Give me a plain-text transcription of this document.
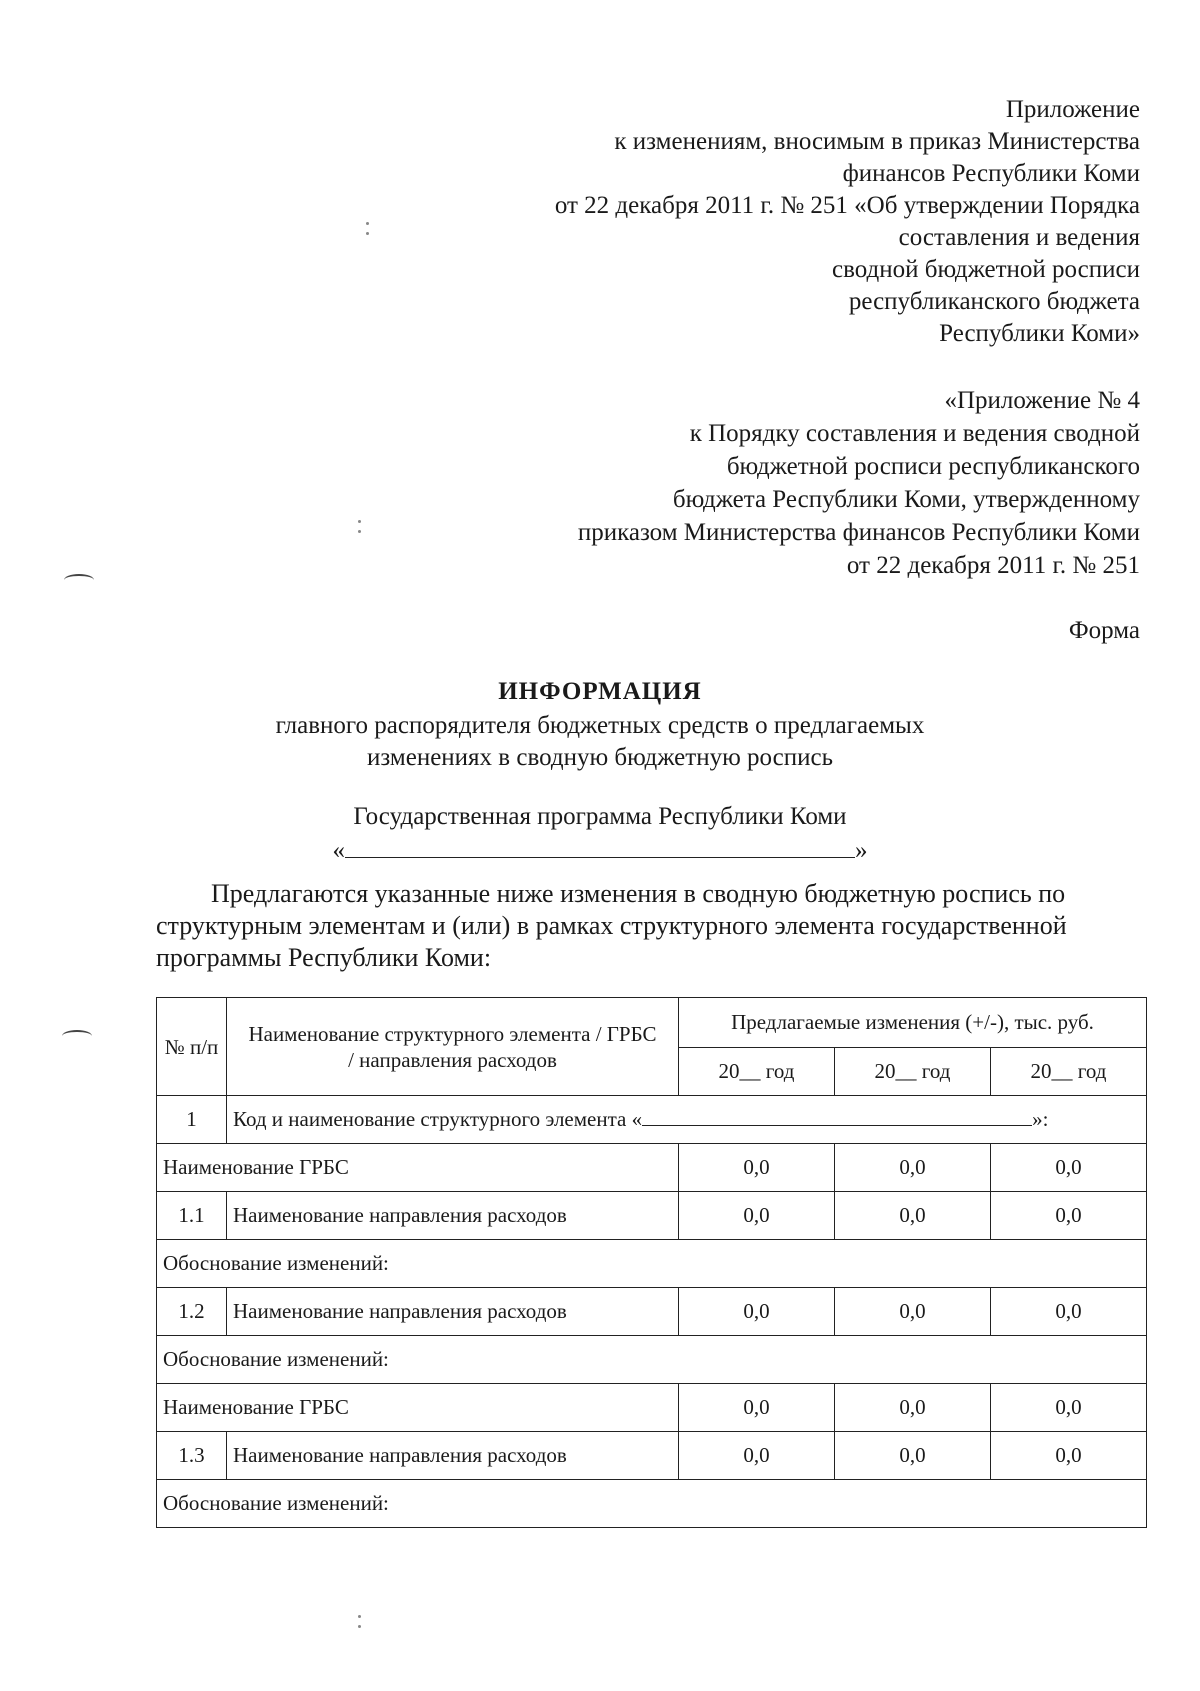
Приложение
к изменениям, вносимым в приказ Министерства
финансов Республики Коми
от 22 декабря 2011 г. № 251 «Об утверждении Порядка
составления и ведения
сводной бюджетной росписи
республиканского бюджета
Республики Коми»
«Приложение № 4
к Порядку составления и ведения сводной
бюджетной росписи республиканского
бюджета Республики Коми, утвержденному
приказом Министерства финансов Республики Коми
от 22 декабря 2011 г. № 251
Форма
ИНФОРМАЦИЯ
главного распорядителя бюджетных средств о предлагаемых
изменениях в сводную бюджетную роспись
Государственная программа Республики Коми
«	»
Предлагаются указанные ниже изменения в сводную бюджетную роспись по
структурным элементам и (или) в рамках структурного элемента государственной
программы Республики Коми:
№ п/п	Наименование структурного элемента / ГРБС / направления расходов	Предлагаемые изменения (+/-), тыс. руб.		
		20__ год	20__ год	20__ год
1	Код и наименование структурного элемента « »:			
Наименование ГРБС		0,0	0,0	0,0
1.1	Наименование направления расходов	0,0	0,0	0,0
Обоснование изменений:				
1.2	Наименование направления расходов	0,0	0,0	0,0
Обоснование изменений:				
Наименование ГРБС		0,0	0,0	0,0
1.3	Наименование направления расходов	0,0	0,0	0,0
Обоснование изменений:				
